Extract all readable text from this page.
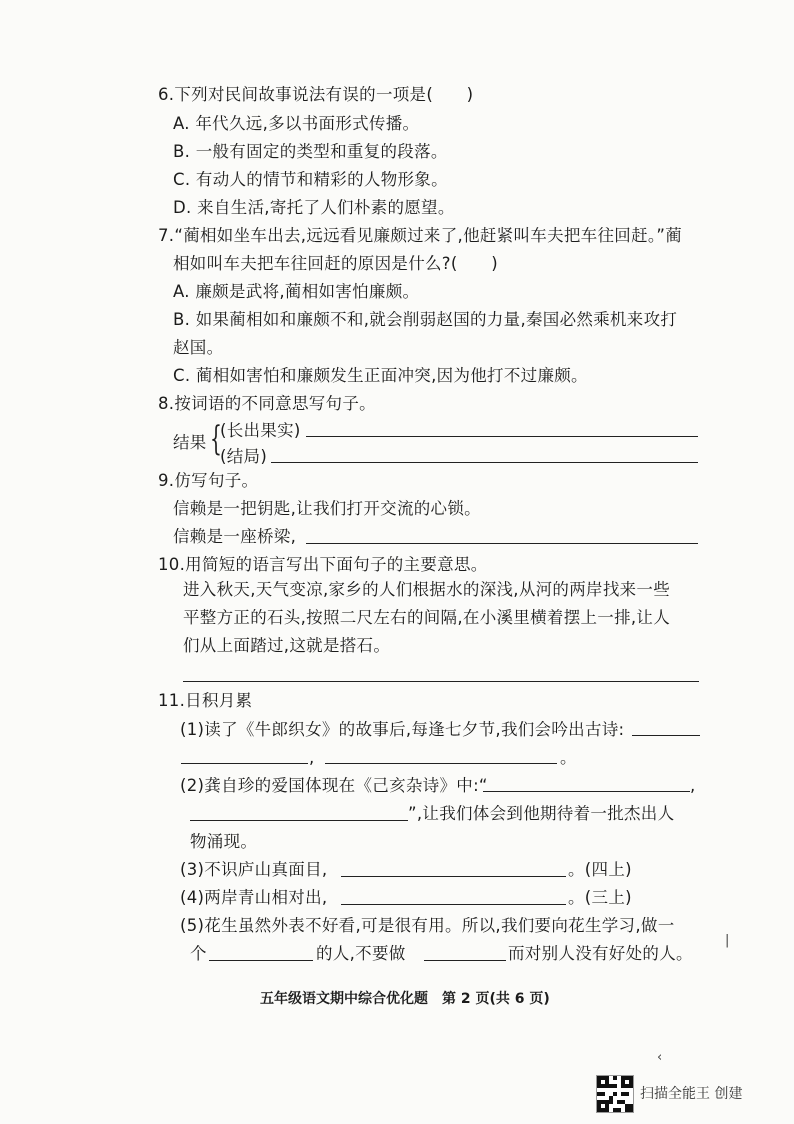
6.下列对民间故事说法有误的一项是(　　)
A. 年代久远,多以书面形式传播。
B. 一般有固定的类型和重复的段落。
C. 有动人的情节和精彩的人物形象。
D. 来自生活,寄托了人们朴素的愿望。
7.“蔺相如坐车出去,远远看见廉颇过来了,他赶紧叫车夫把车往回赶。”蔺
相如叫车夫把车往回赶的原因是什么?(　　)
A. 廉颇是武将,蔺相如害怕廉颇。
B. 如果蔺相如和廉颇不和,就会削弱赵国的力量,秦国必然乘机来攻打
赵国。
C. 蔺相如害怕和廉颇发生正面冲突,因为他打不过廉颇。
8.按词语的不同意思写句子。
结果 {
(长出果实)
(结局)
9.仿写句子。
信赖是一把钥匙,让我们打开交流的心锁。
信赖是一座桥梁,
10.用简短的语言写出下面句子的主要意思。
进入秋天,天气变凉,家乡的人们根据水的深浅,从河的两岸找来一些
平整方正的石头,按照二尺左右的间隔,在小溪里横着摆上一排,让人
们从上面踏过,这就是搭石。
11.日积月累
(1)读了《牛郎织女》的故事后,每逢七夕节,我们会吟出古诗:
,	。
(2)龚自珍的爱国体现在《己亥杂诗》中:“	,
”,让我们体会到他期待着一批杰出人
物涌现。
(3)不识庐山真面目,	。(四上)
(4)两岸青山相对出,	。(三上)
(5)花生虽然外表不好看,可是很有用。所以,我们要向花生学习,做一
个	的人,不要做	而对别人没有好处的人。
|
五年级语文期中综合优化题　第 2 页(共 6 页)
‹
扫描全能王 创建
